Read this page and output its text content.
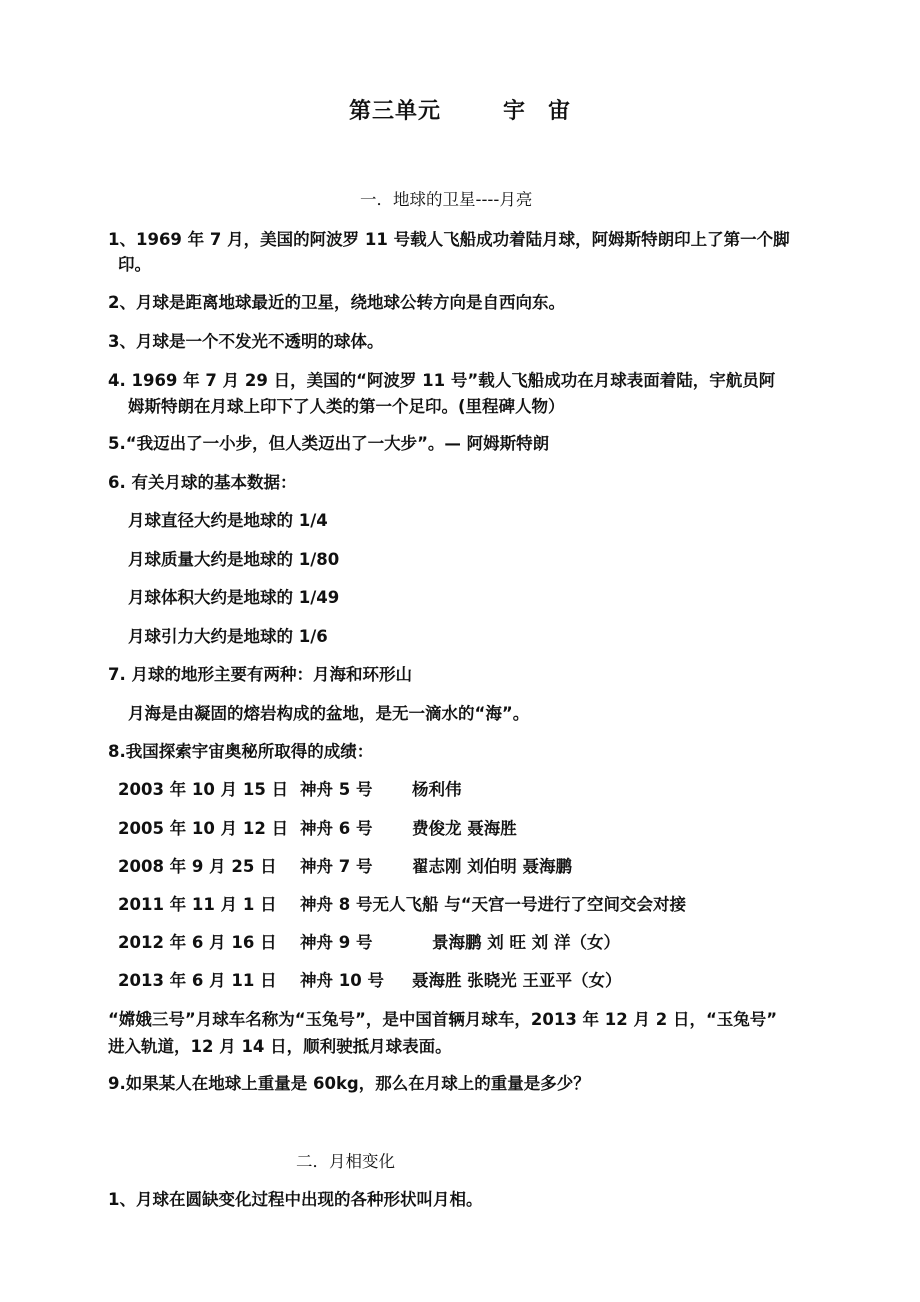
第三单元	宇 宙
一．地球的卫星----月亮
1、1969 年 7 月，美国的阿波罗 11 号载人飞船成功着陆月球，阿姆斯特朗印上了第一个脚
印。
2、月球是距离地球最近的卫星，绕地球公转方向是自西向东。
3、月球是一个不发光不透明的球体。
4. 1969 年 7 月 29 日，美国的“阿波罗 11 号”载人飞船成功在月球表面着陆，宇航员阿
姆斯特朗在月球上印下了人类的第一个足印。(里程碑人物）
5.“我迈出了一小步，但人类迈出了一大步”。— 阿姆斯特朗
6. 有关月球的基本数据：
月球直径大约是地球的 1/4
月球质量大约是地球的 1/80
月球体积大约是地球的 1/49
月球引力大约是地球的 1/6
7. 月球的地形主要有两种：月海和环形山
月海是由凝固的熔岩构成的盆地，是无一滴水的“海”。
8.我国探索宇宙奥秘所取得的成绩：
2003 年 10 月 15 日 神舟 5 号 杨利伟
2005 年 10 月 12 日 神舟 6 号 费俊龙 聂海胜
2008 年 9 月 25 日 神舟 7 号 翟志刚 刘伯明 聂海鹏
2011 年 11 月 1 日 神舟 8 号无人飞船 与“天宫一号进行了空间交会对接
2012 年 6 月 16 日 神舟 9 号	景海鹏 刘 旺 刘 洋（女）
2013 年 6 月 11 日 神舟 10 号 聂海胜 张晓光 王亚平（女）
“嫦娥三号”月球车名称为“玉兔号”，是中国首辆月球车，2013 年 12 月 2 日，“玉兔号”
进入轨道，12 月 14 日，顺利驶抵月球表面。
9.如果某人在地球上重量是 60kg，那么在月球上的重量是多少？
二．月相变化
1、月球在圆缺变化过程中出现的各种形状叫月相。
